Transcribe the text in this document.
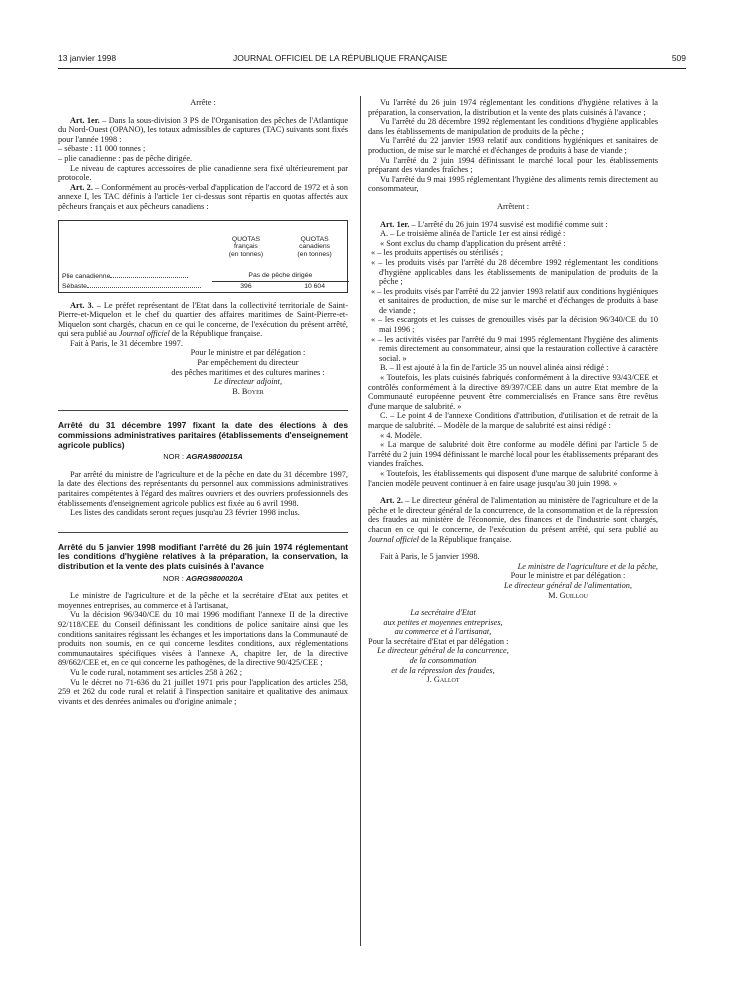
13 janvier 1998	JOURNAL OFFICIEL DE LA RÉPUBLIQUE FRANÇAISE	509

Arrête :

Art. 1er. – Dans la sous-division 3 PS de l'Organisation des pêches de l'Atlantique du Nord-Ouest (OPANO), les totaux admissibles de captures (TAC) suivants sont fixés pour l'année 1998 :

– sébaste : 11 000 tonnes ;

– plie canadienne : pas de pêche dirigée.

Le niveau de captures accessoires de plie canadienne sera fixé ultérieurement par protocole.

Art. 2. – Conformément au procès-verbal d'application de l'accord de 1972 et à son annexe I, les TAC définis à l'article 1er ci-dessus sont répartis en quotas affectés aux pêcheurs français et aux pêcheurs canadiens :

	QUOTAS
français
(en tonnes)	QUOTAS
canadiens
(en tonnes)

Plie canadienne	Pas de pêche dirigée	
Sébaste	396	10 604

Art. 3. – Le préfet représentant de l'Etat dans la collectivité territoriale de Saint-Pierre-et-Miquelon et le chef du quartier des affaires maritimes de Saint-Pierre-et-Miquelon sont chargés, chacun en ce qui le concerne, de l'exécution du présent arrêté, qui sera publié au Journal officiel de la République française.

Fait à Paris, le 31 décembre 1997.

Pour le ministre et par délégation :

Par empêchement du directeur

des pêches maritimes et des cultures marines :

Le directeur adjoint,

B. Boyer

Arrêté du 31 décembre 1997 fixant la date des élections à des commissions administratives paritaires (établissements d'enseignement agricole publics)

NOR : AGRA9800015A

Par arrêté du ministre de l'agriculture et de la pêche en date du 31 décembre 1997, la date des élections des représentants du personnel aux commissions administratives paritaires compétentes à l'égard des maîtres ouvriers et des ouvriers professionnels des établissements d'enseignement agricole publics est fixée au 6 avril 1998.

Les listes des candidats seront reçues jusqu'au 23 février 1998 inclus.

Arrêté du 5 janvier 1998 modifiant l'arrêté du 26 juin 1974 réglementant les conditions d'hygiène relatives à la préparation, la conservation, la distribution et la vente des plats cuisinés à l'avance

NOR : AGRG9800020A

Le ministre de l'agriculture et de la pêche et la secrétaire d'Etat aux petites et moyennes entreprises, au commerce et à l'artisanat,

Vu la décision 96/340/CE du 10 mai 1996 modifiant l'annexe II de la directive 92/118/CEE du Conseil définissant les conditions de police sanitaire ainsi que les conditions sanitaires régissant les échanges et les importations dans la Communauté de produits non soumis, en ce qui concerne lesdites conditions, aux réglementations communautaires spécifiques visées à l'annexe A, chapitre Ier, de la directive 89/662/CEE et, en ce qui concerne les pathogènes, de la directive 90/425/CEE ;

Vu le code rural, notamment ses articles 258 à 262 ;

Vu le décret no 71-636 du 21 juillet 1971 pris pour l'application des articles 258, 259 et 262 du code rural et relatif à l'inspection sanitaire et qualitative des animaux vivants et des denrées animales ou d'origine animale ;

Vu l'arrêté du 26 juin 1974 réglementant les conditions d'hygiène relatives à la préparation, la conservation, la distribution et la vente des plats cuisinés à l'avance ;

Vu l'arrêté du 28 décembre 1992 réglementant les conditions d'hygiène applicables dans les établissements de manipulation de produits de la pêche ;

Vu l'arrêté du 22 janvier 1993 relatif aux conditions hygiéniques et sanitaires de production, de mise sur le marché et d'échanges de produits à base de viande ;

Vu l'arrêté du 2 juin 1994 définissant le marché local pour les établissements préparant des viandes fraîches ;

Vu l'arrêté du 9 mai 1995 réglementant l'hygiène des aliments remis directement au consommateur,

Arrêtent :

Art. 1er. – L'arrêté du 26 juin 1974 susvisé est modifié comme suit :

A. – Le troisième alinéa de l'article 1er est ainsi rédigé :

« Sont exclus du champ d'application du présent arrêté :

« – les produits appertisés ou stérilisés ;

« – les produits visés par l'arrêté du 28 décembre 1992 réglementant les conditions d'hygiène applicables dans les établissements de manipulation de produits de la pêche ;

« – les produits visés par l'arrêté du 22 janvier 1993 relatif aux conditions hygiéniques et sanitaires de production, de mise sur le marché et d'échanges de produits à base de viande ;

« – les escargots et les cuisses de grenouilles visés par la décision 96/340/CE du 10 mai 1996 ;

« – les activités visées par l'arrêté du 9 mai 1995 réglementant l'hygiène des aliments remis directement au consommateur, ainsi que la restauration collective à caractère social. »

B. – Il est ajouté à la fin de l'article 35 un nouvel alinéa ainsi rédigé :

« Toutefois, les plats cuisinés fabriqués conformément à la directive 93/43/CEE et contrôlés conformément à la directive 89/397/CEE dans un autre Etat membre de la Communauté européenne peuvent être commercialisés en France sans être revêtus d'une marque de salubrité. »

C. – Le point 4 de l'annexe Conditions d'attribution, d'utilisation et de retrait de la marque de salubrité. – Modèle de la marque de salubrité est ainsi rédigé :

« 4. Modèle.

« La marque de salubrité doit être conforme au modèle défini par l'article 5 de l'arrêté du 2 juin 1994 définissant le marché local pour les établissements préparant des viandes fraîches.

« Toutefois, les établissements qui disposent d'une marque de salubrité conforme à l'ancien modèle peuvent continuer à en faire usage jusqu'au 30 juin 1998. »

Art. 2. – Le directeur général de l'alimentation au ministère de l'agriculture et de la pêche et le directeur général de la concurrence, de la consommation et de la répression des fraudes au ministère de l'économie, des finances et de l'industrie sont chargés, chacun en ce qui le concerne, de l'exécution du présent arrêté, qui sera publié au Journal officiel de la République française.

Fait à Paris, le 5 janvier 1998.

Le ministre de l'agriculture et de la pêche,

Pour le ministre et par délégation :

Le directeur général de l'alimentation,

M. Guillou

La secrétaire d'Etat

aux petites et moyennes entreprises,

au commerce et à l'artisanat,

Pour la secrétaire d'Etat et par délégation :

Le directeur général de la concurrence,

de la consommation

et de la répression des fraudes,

J. Gallot
